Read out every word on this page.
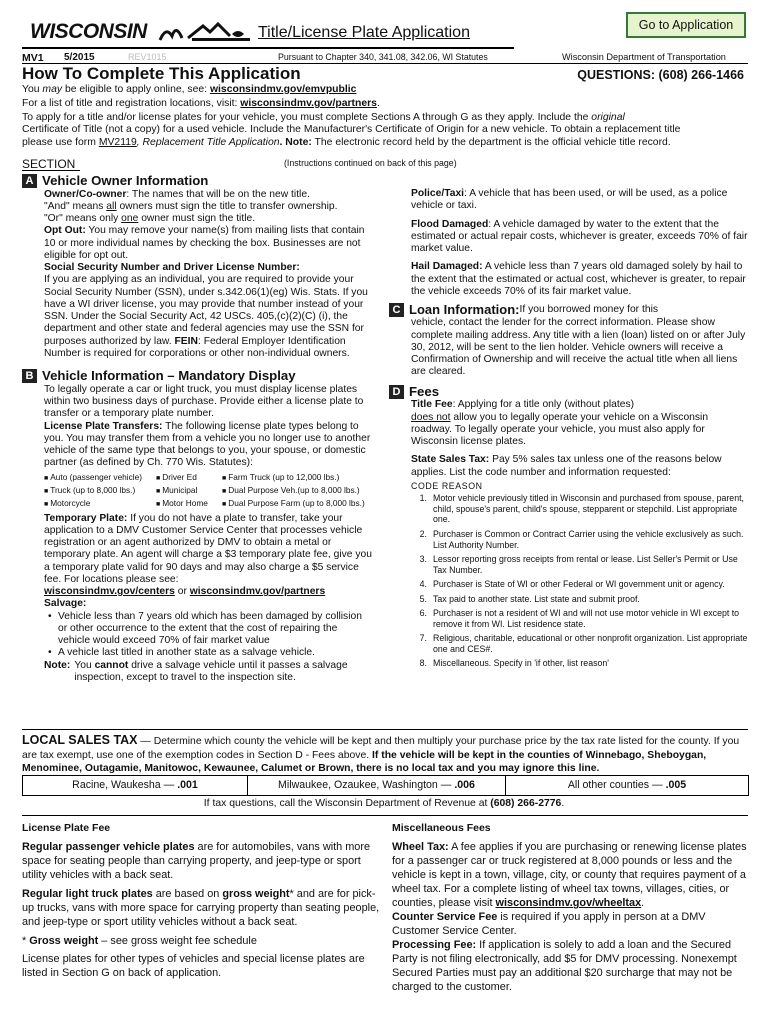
WISCONSIN	Title/License Plate Application	Go to Application
MV1 5/2015	REV1015	Pursuant to Chapter 340, 341.08, 342.06, WI Statutes	Wisconsin Department of Transportation
How To Complete This Application	QUESTIONS: (608) 266-1466
You may be eligible to apply online, see: wisconsindmv.gov/emvpublic
For a list of title and registration locations, visit: wisconsindmv.gov/partners.
To apply for a title and/or license plates for your vehicle, you must complete Sections A through G as they apply. Include the original
Certificate of Title (not a copy) for a used vehicle. Include the Manufacturer's Certificate of Origin for a new vehicle. To obtain a replacement title
please use form MV2119, Replacement Title Application. Note: The electronic record held by the department is the official vehicle title record.
SECTION	(Instructions continued on back of this page)
A Vehicle Owner Information

Owner/Co-owner: The names that will be on the new title.

"And" means all owners must sign the title to transfer ownership.

"Or" means only one owner must sign the title.

Opt Out: You may remove your name(s) from mailing lists that contain 10 or more individual names by checking the box. Businesses are not eligible for opt out.

Social Security Number and Driver License Number:

If you are applying as an individual, you are required to provide your Social Security Number (SSN), under s.342.06(1)(eg) Wis. Stats. If you have a WI driver license, you may provide that number instead of your SSN. Under the Social Security Act, 42 USCs. 405,(c)(2)(C) (i), the department and other state and federal agencies may use the SSN for purposes authorized by law. FEIN: Federal Employer Identification Number is required for corporations or other non-individual owners.

B Vehicle Information – Mandatory Display

To legally operate a car or light truck, you must display license plates within two business days of purchase. Provide either a license plate to transfer or a temporary plate number.

License Plate Transfers: The following license plate types belong to you. You may transfer them from a vehicle you no longer use to another vehicle of the same type that belongs to you, your spouse, or domestic partner (as defined by Ch. 770 Wis. Statutes):

■ Auto (passenger vehicle)	■ Driver Ed	■ Farm Truck (up to 12,000 lbs.)
■ Truck (up to 8,000 lbs.)	■ Municipal	■ Dual Purpose Veh.(up to 8,000 lbs.)
■ Motorcycle	■ Motor Home	■ Dual Purpose Farm (up to 8,000 lbs.)

Temporary Plate: If you do not have a plate to transfer, take your application to a DMV Customer Service Center that processes vehicle registration or an agent authorized by DMV to obtain a metal or temporary plate. An agent will charge a $3 temporary plate fee, give you a temporary plate valid for 90 days and may also charge a $5 service fee. For locations please see:

wisconsindmv.gov/centers or wisconsindmv.gov/partners

Salvage:

• Vehicle less than 7 years old which has been damaged by collision or other occurrence to the extent that the cost of repairing the vehicle would exceed 70% of fair market value

• A vehicle last titled in another state as a salvage vehicle.

Note: You cannot drive a salvage vehicle until it passes a salvage inspection, except to travel to the inspection site.

Police/Taxi: A vehicle that has been used, or will be used, as a police vehicle or taxi.

Flood Damaged: A vehicle damaged by water to the extent that the estimated or actual repair costs, whichever is greater, exceeds 70% of fair market value.

Hail Damaged: A vehicle less than 7 years old damaged solely by hail to the extent that the estimated or actual cost, whichever is greater, to repair the vehicle exceeds 70% of its fair market value.

C Loan Information: If you borrowed money for this

vehicle, contact the lender for the correct information. Please show complete mailing address. Any title with a lien (loan) listed on or after July 30, 2012, will be sent to the lien holder. Vehicle owners will receive a Confirmation of Ownership and will receive the actual title when all liens are cleared.

D Fees

Title Fee: Applying for a title only (without plates)

does not allow you to legally operate your vehicle on a Wisconsin roadway. To legally operate your vehicle, you must also apply for Wisconsin license plates.

State Sales Tax: Pay 5% sales tax unless one of the reasons below applies. List the code number and information requested:

CODE REASON

1. Motor vehicle previously titled in Wisconsin and purchased from spouse, parent, child, spouse's parent, child's spouse, stepparent or stepchild. List appropriate one.
2. Purchaser is Common or Contract Carrier using the vehicle exclusively as such. List Authority Number.
3. Lessor reporting gross receipts from rental or lease. List Seller's Permit or Use Tax Number.
4. Purchaser is State of WI or other Federal or WI government unit or agency.
5. Tax paid to another state. List state and submit proof.
6. Purchaser is not a resident of WI and will not use motor vehicle in WI except to remove it from WI. List residence state.
7. Religious, charitable, educational or other nonprofit organization. List appropriate one and CES#.
8. Miscellaneous. Specify in 'if other, list reason'
LOCAL SALES TAX — Determine which county the vehicle will be kept and then multiply your purchase price by the tax rate listed for the county. If you are tax exempt, use one of the exemption codes in Section D - Fees above. If the vehicle will be kept in the counties of Winnebago, Sheboygan, Menominee, Outagamie, Manitowoc, Kewaunee, Calumet or Brown, there is no local tax and you may ignore this line.
Racine, Waukesha — .001	Milwaukee, Ozaukee, Washington — .006	All other counties — .005
If tax questions, call the Wisconsin Department of Revenue at (608) 266-2776.
License Plate Fee

Regular passenger vehicle plates are for automobiles, vans with more space for seating people than carrying property, and jeep-type or sport utility vehicles with a back seat.

Regular light truck plates are based on gross weight* and are for pick-up trucks, vans with more space for carrying property than seating people, and jeep-type or sport utility vehicles without a back seat.

* Gross weight – see gross weight fee schedule

License plates for other types of vehicles and special license plates are listed in Section G on back of application.

Miscellaneous Fees

Wheel Tax: A fee applies if you are purchasing or renewing license plates for a passenger car or truck registered at 8,000 pounds or less and the vehicle is kept in a town, village, city, or county that requires payment of a wheel tax. For a complete listing of wheel tax towns, villages, cities, or counties, please visit wisconsindmv.gov/wheeltax.

Counter Service Fee is required if you apply in person at a DMV Customer Service Center.

Processing Fee: If application is solely to add a loan and the Secured Party is not filing electronically, add $5 for DMV processing. Nonexempt Secured Parties must pay an additional $20 surcharge that may not be charged to the customer.
